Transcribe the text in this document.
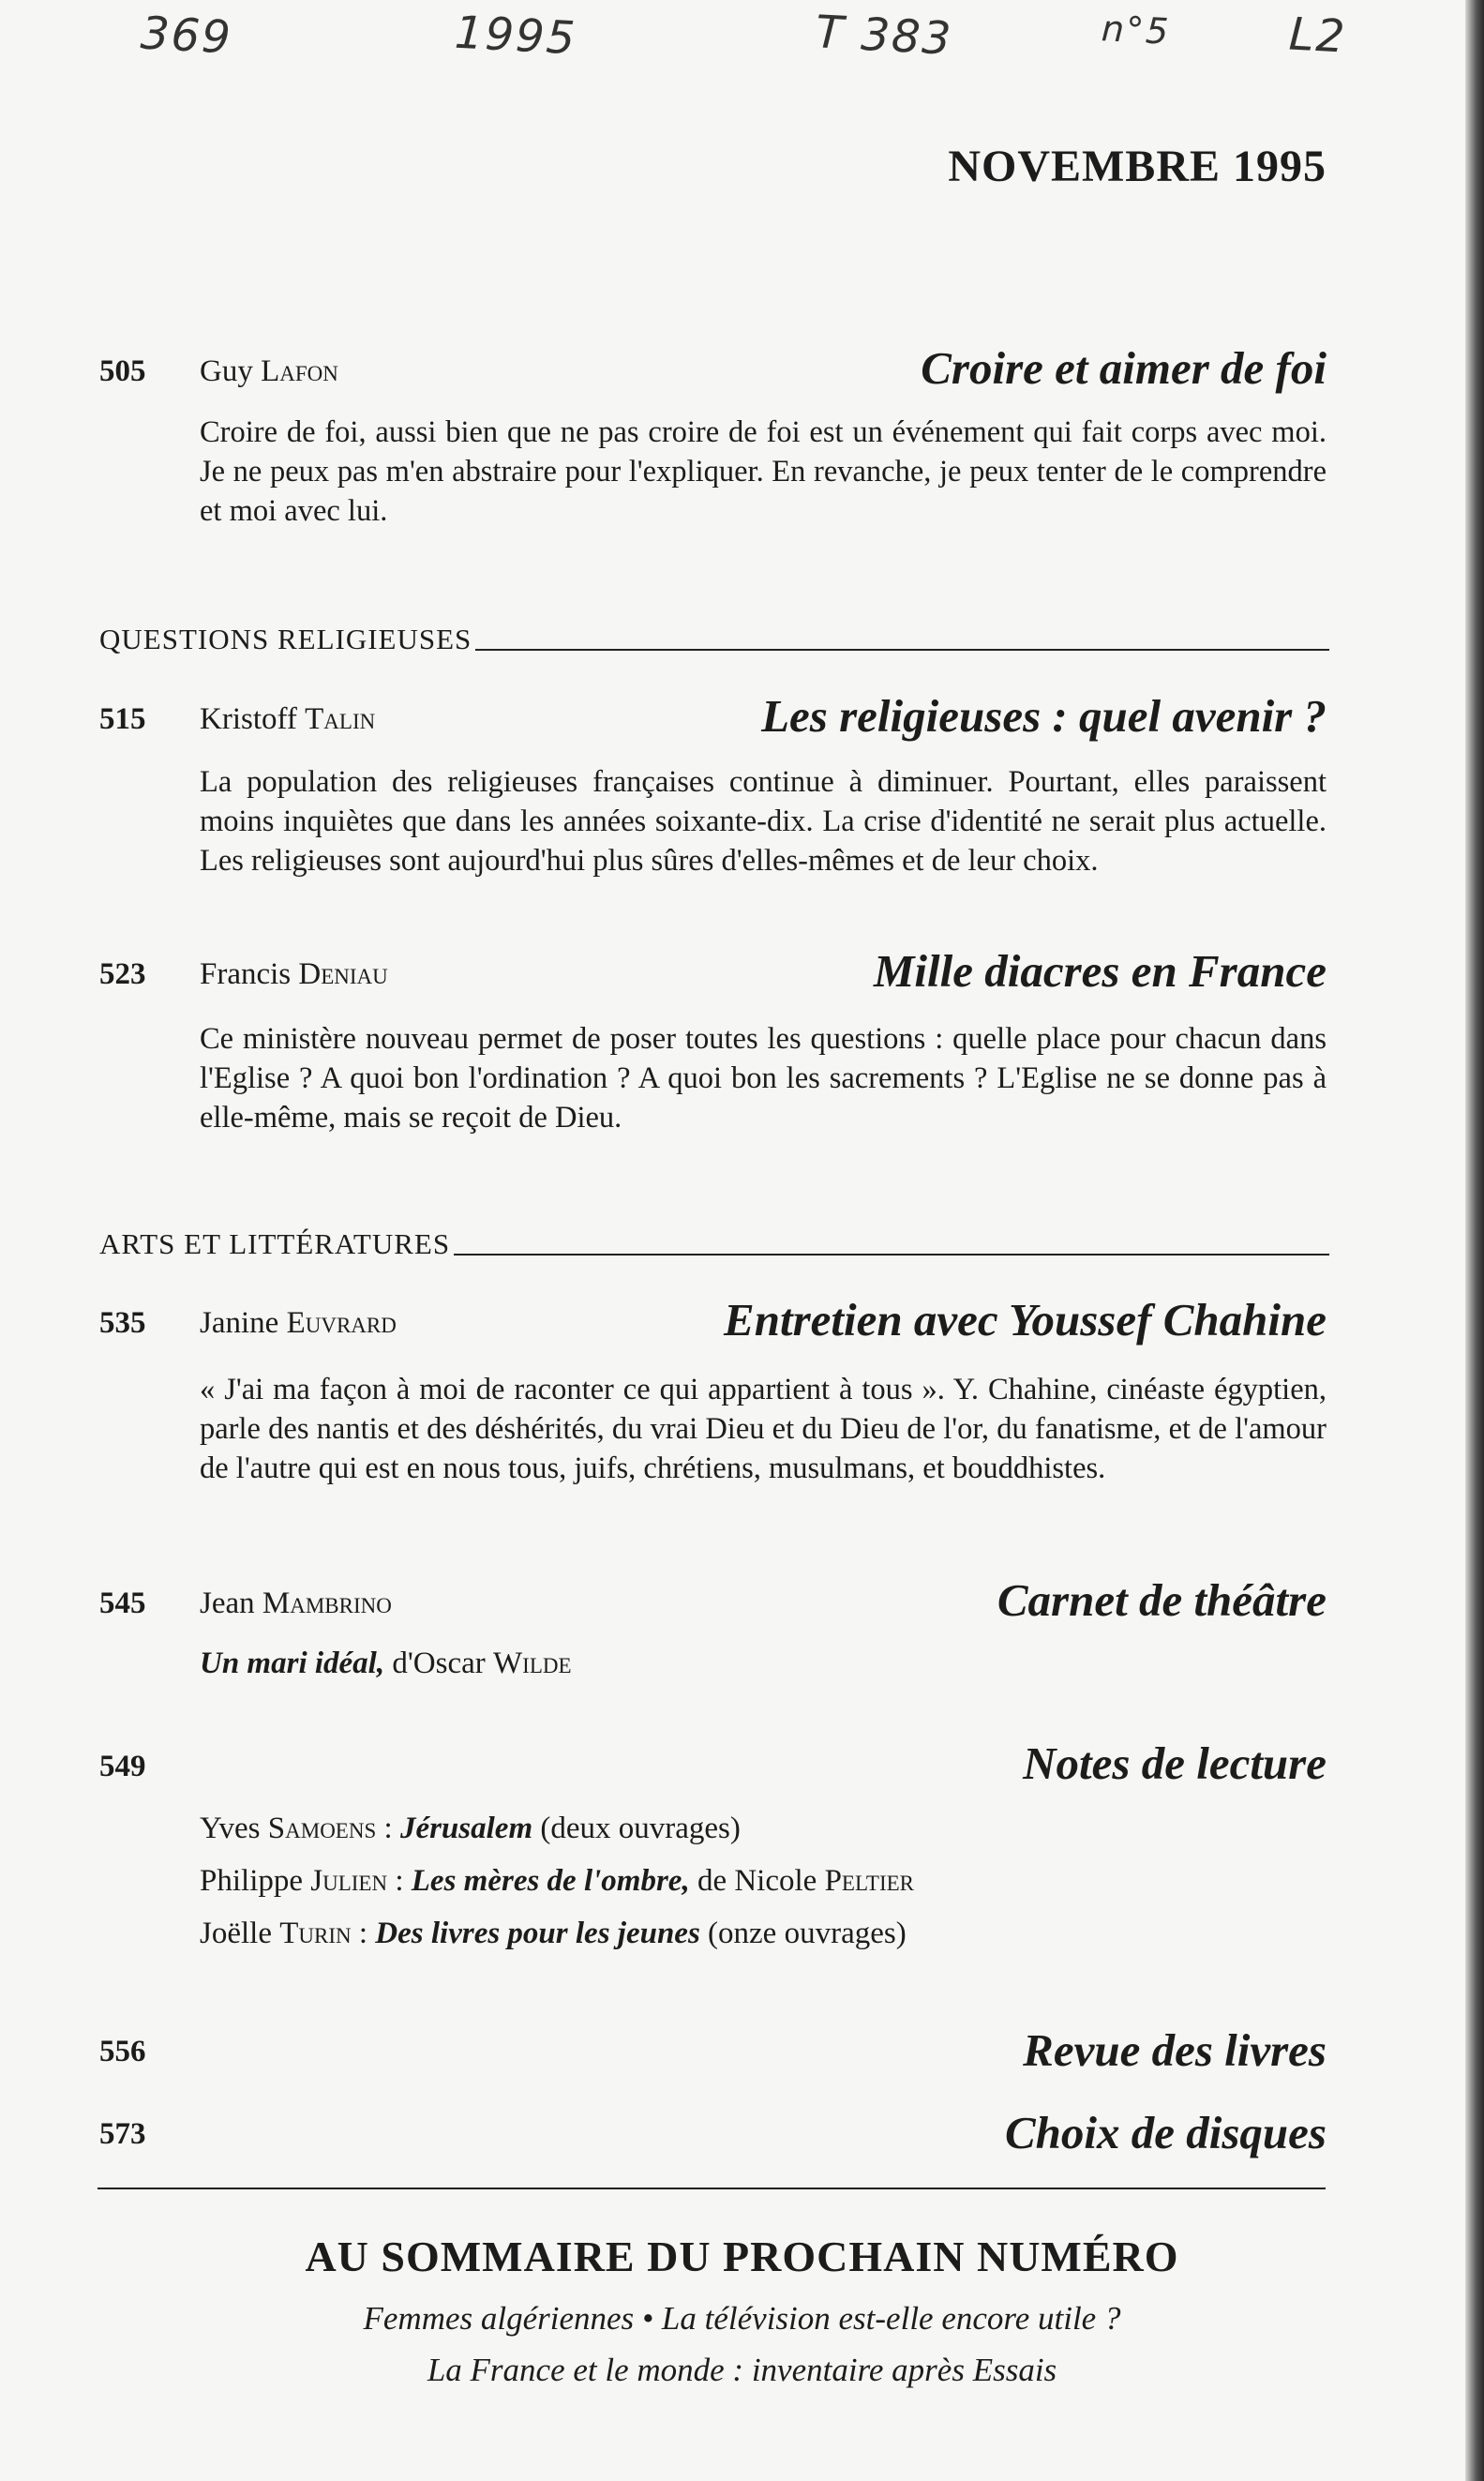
369	1995	T 383	n°5	L2
NOVEMBRE 1995
505 Guy Lafon	Croire et aimer de foi
Croire de foi, aussi bien que ne pas croire de foi est un événement qui fait corps avec moi. Je ne peux pas m'en abstraire pour l'expliquer. En revanche, je peux tenter de le comprendre et moi avec lui.
QUESTIONS RELIGIEUSES
515 Kristoff Talin	Les religieuses : quel avenir ?
La population des religieuses françaises continue à diminuer. Pourtant, elles paraissent moins inquiètes que dans les années soixante-dix. La crise d'identité ne serait plus actuelle. Les religieuses sont aujourd'hui plus sûres d'elles-mêmes et de leur choix.
523 Francis Deniau	Mille diacres en France
Ce ministère nouveau permet de poser toutes les questions : quelle place pour chacun dans l'Eglise ? A quoi bon l'ordination ? A quoi bon les sacrements ? L'Eglise ne se donne pas à elle-même, mais se reçoit de Dieu.
ARTS ET LITTÉRATURES
535 Janine Euvrard	Entretien avec Youssef Chahine
« J'ai ma façon à moi de raconter ce qui appartient à tous ». Y. Chahine, cinéaste égyptien, parle des nantis et des déshérités, du vrai Dieu et du Dieu de l'or, du fanatisme, et de l'amour de l'autre qui est en nous tous, juifs, chrétiens, musulmans, et bouddhistes.
545 Jean Mambrino	Carnet de théâtre
Un mari idéal, d'Oscar Wilde
549	Notes de lecture
Yves Samoens : Jérusalem (deux ouvrages)
Philippe Julien : Les mères de l'ombre, de Nicole Peltier
Joëlle Turin : Des livres pour les jeunes (onze ouvrages)
556	Revue des livres
573	Choix de disques
AU SOMMAIRE DU PROCHAIN NUMÉRO
Femmes algériennes • La télévision est-elle encore utile ?
La France et le monde : inventaire après Essais
